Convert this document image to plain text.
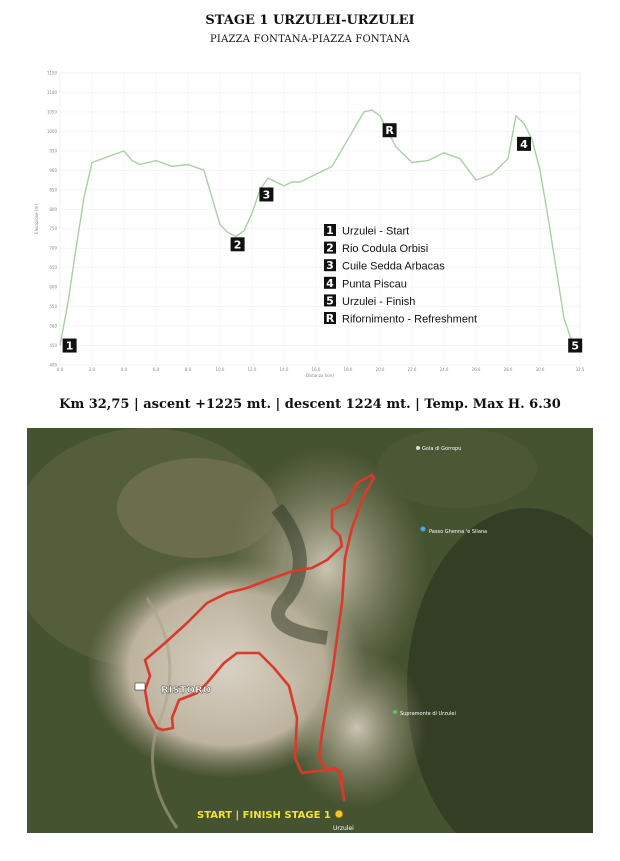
STAGE 1 URZULEI-URZULEI
PIAZZA FONTANA-PIAZZA FONTANA
400
450
500
550
600
650
700
750
800
850
900
950
1000
1050
1100
1150
0.0	2.0	4.0	6.0	8.0	10.0	12.0	14.0	16.0	18.0	20.0	22.0	24.0	26.0	28.0	30.0	32.5
Distanza (km)
Elevazione (m)
1
2
3
R
4
5
1 Urzulei - Start
2 Rio Codula Orbisi
3 Cuile Sedda Arbacas
4 Punta Piscau
5 Urzulei - Finish
R Rifornimento - Refreshment
Km 32,75 | ascent +1225 mt. | descent 1224 mt. | Temp. Max H. 6.30
RISTORO
START | FINISH STAGE 1
Urzulei
Gola di Gorropu
Passo Ghenna 'e Silana
Supramonte di Urzulei
